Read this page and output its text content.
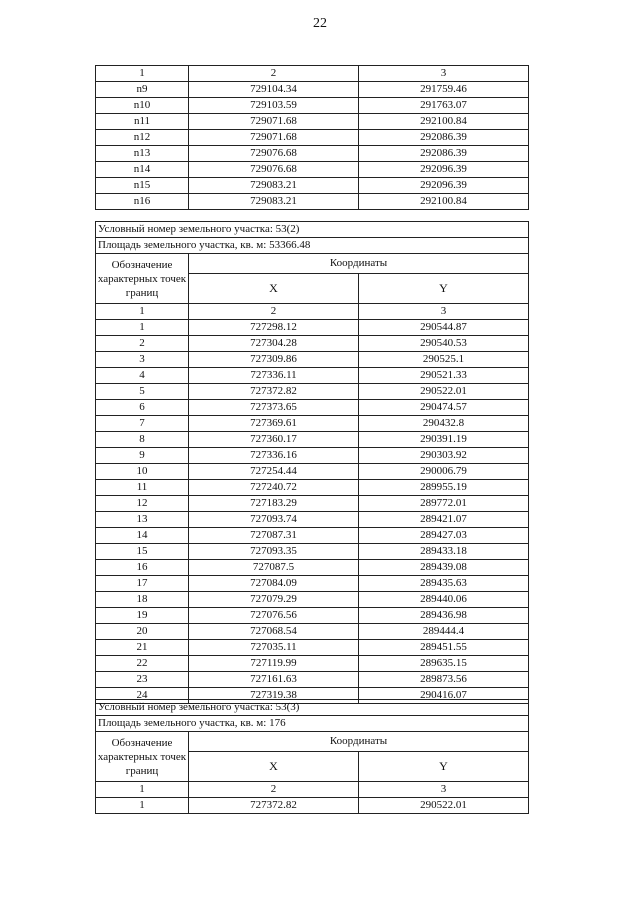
22
1	2	3
n9	729104.34	291759.46
n10	729103.59	291763.07
n11	729071.68	292100.84
n12	729071.68	292086.39
n13	729076.68	292086.39
n14	729076.68	292096.39
n15	729083.21	292096.39
n16	729083.21	292100.84
Условный номер земельного участка: 53(2)		
Площадь земельного участка, кв. м: 53366.48		
Обозначение характерных точек границ	Координаты	
	X	Y
1	2	3
1	727298.12	290544.87
2	727304.28	290540.53
3	727309.86	290525.1
4	727336.11	290521.33
5	727372.82	290522.01
6	727373.65	290474.57
7	727369.61	290432.8
8	727360.17	290391.19
9	727336.16	290303.92
10	727254.44	290006.79
11	727240.72	289955.19
12	727183.29	289772.01
13	727093.74	289421.07
14	727087.31	289427.03
15	727093.35	289433.18
16	727087.5	289439.08
17	727084.09	289435.63
18	727079.29	289440.06
19	727076.56	289436.98
20	727068.54	289444.4
21	727035.11	289451.55
22	727119.99	289635.15
23	727161.63	289873.56
24	727319.38	290416.07
Условный номер земельного участка: 53(3)		
Площадь земельного участка, кв. м: 176		
Обозначение характерных точек границ	Координаты	
	X	Y
1	2	3
1	727372.82	290522.01
